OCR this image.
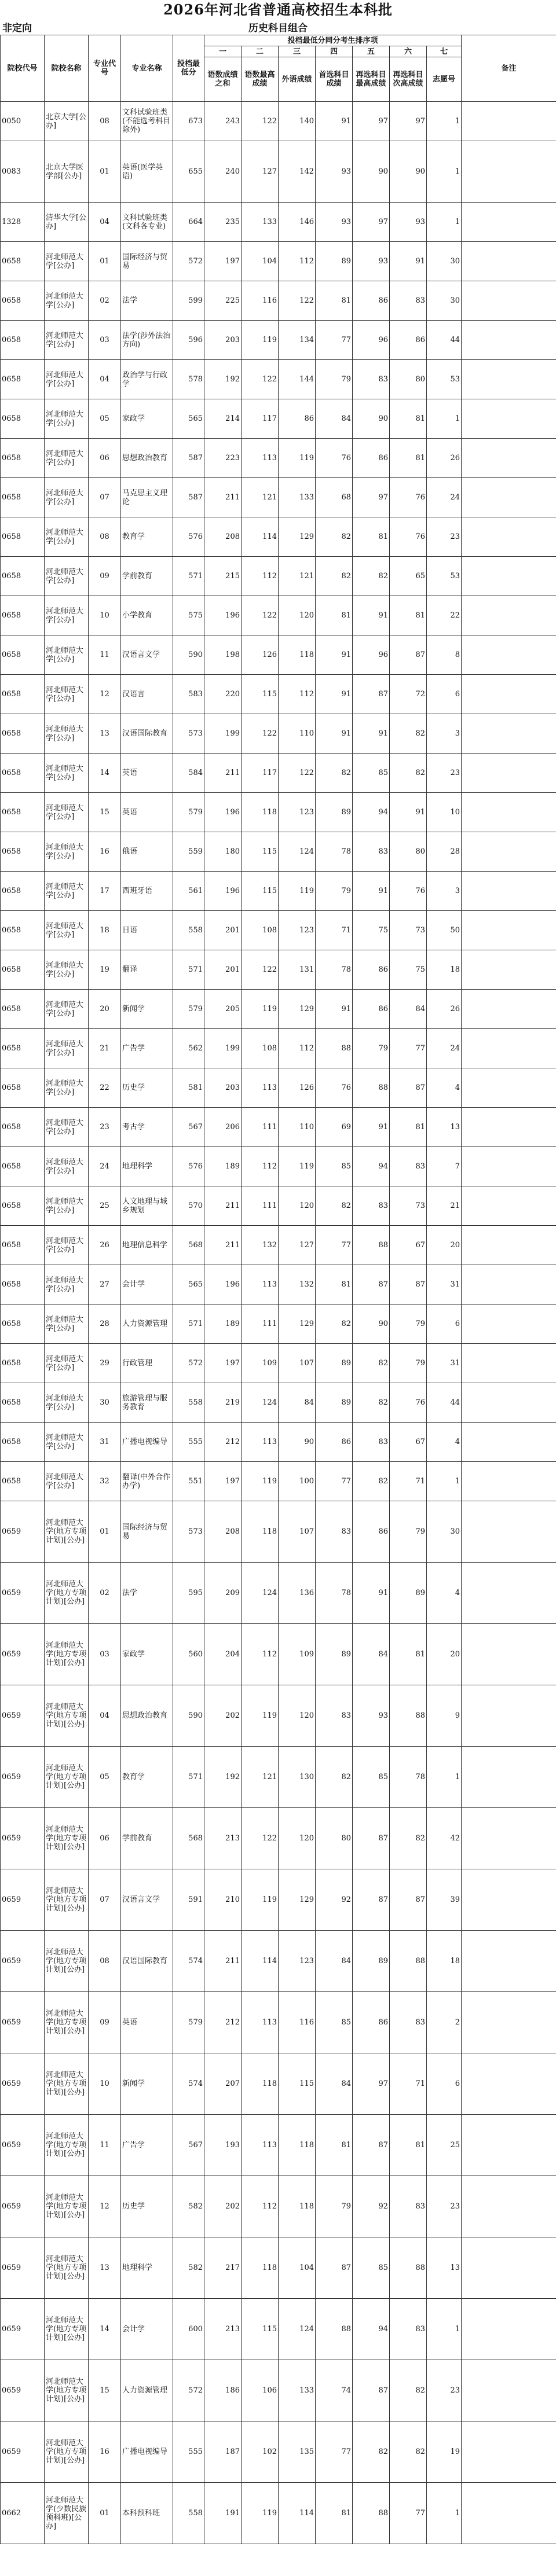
2026年河北省普通高校招生本科批
非定向	历史科目组合
院校代号	院校名称	专业代号	专业名称	投档最低分	投档最低分同分考生排序项							备注
					一	二	三	四	五	六	七	
					语数成绩之和	语数最高成绩	外语成绩	首选科目成绩	再选科目最高成绩	再选科目次高成绩	志愿号	
0050	北京大学[公办]	08	文科试验班类(不能选考科目除外)	673	243	122	140	91	97	97	1	
0083	北京大学医学部[公办]	01	英语(医学英语)	655	240	127	142	93	90	90	1	
1328	清华大学[公办]	04	文科试验班类(文科各专业)	664	235	133	146	93	97	93	1	
0658	河北师范大学[公办]	01	国际经济与贸易	572	197	104	112	89	93	91	30	
0658	河北师范大学[公办]	02	法学	599	225	116	122	81	86	83	30	
0658	河北师范大学[公办]	03	法学(涉外法治方向)	596	203	119	134	77	96	86	44	
0658	河北师范大学[公办]	04	政治学与行政学	578	192	122	144	79	83	80	53	
0658	河北师范大学[公办]	05	家政学	565	214	117	86	84	90	81	1	
0658	河北师范大学[公办]	06	思想政治教育	587	223	113	119	76	86	81	26	
0658	河北师范大学[公办]	07	马克思主义理论	587	211	121	133	68	97	76	24	
0658	河北师范大学[公办]	08	教育学	576	208	114	129	82	81	76	23	
0658	河北师范大学[公办]	09	学前教育	571	215	112	121	82	82	65	53	
0658	河北师范大学[公办]	10	小学教育	575	196	122	120	81	91	81	22	
0658	河北师范大学[公办]	11	汉语言文学	590	198	126	118	91	96	87	8	
0658	河北师范大学[公办]	12	汉语言	583	220	115	112	91	87	72	6	
0658	河北师范大学[公办]	13	汉语国际教育	573	199	122	110	91	91	82	3	
0658	河北师范大学[公办]	14	英语	584	211	117	122	82	85	82	23	
0658	河北师范大学[公办]	15	英语	579	196	118	123	89	94	91	10	
0658	河北师范大学[公办]	16	俄语	559	180	115	124	78	83	80	28	
0658	河北师范大学[公办]	17	西班牙语	561	196	115	119	79	91	76	3	
0658	河北师范大学[公办]	18	日语	558	201	108	123	71	75	73	50	
0658	河北师范大学[公办]	19	翻译	571	201	122	131	78	86	75	18	
0658	河北师范大学[公办]	20	新闻学	579	205	119	129	91	86	84	26	
0658	河北师范大学[公办]	21	广告学	562	199	108	112	88	79	77	24	
0658	河北师范大学[公办]	22	历史学	581	203	113	126	76	88	87	4	
0658	河北师范大学[公办]	23	考古学	567	206	111	110	69	91	81	13	
0658	河北师范大学[公办]	24	地理科学	576	189	112	119	85	94	83	7	
0658	河北师范大学[公办]	25	人文地理与城乡规划	570	211	111	120	82	83	73	21	
0658	河北师范大学[公办]	26	地理信息科学	568	211	132	127	77	88	67	20	
0658	河北师范大学[公办]	27	会计学	565	196	113	132	81	87	87	31	
0658	河北师范大学[公办]	28	人力资源管理	571	189	111	129	82	90	79	6	
0658	河北师范大学[公办]	29	行政管理	572	197	109	107	89	82	79	31	
0658	河北师范大学[公办]	30	旅游管理与服务教育	558	219	124	84	89	82	76	44	
0658	河北师范大学[公办]	31	广播电视编导	555	212	113	90	86	83	67	4	
0658	河北师范大学[公办]	32	翻译(中外合作办学)	551	197	119	100	77	82	71	1	
0659	河北师范大学(地方专项计划)[公办]	01	国际经济与贸易	573	208	118	107	83	86	79	30	
0659	河北师范大学(地方专项计划)[公办]	02	法学	595	209	124	136	78	91	89	4	
0659	河北师范大学(地方专项计划)[公办]	03	家政学	560	204	112	109	89	84	81	20	
0659	河北师范大学(地方专项计划)[公办]	04	思想政治教育	590	202	119	120	83	93	88	9	
0659	河北师范大学(地方专项计划)[公办]	05	教育学	571	192	121	130	82	85	78	1	
0659	河北师范大学(地方专项计划)[公办]	06	学前教育	568	213	122	120	80	87	82	42	
0659	河北师范大学(地方专项计划)[公办]	07	汉语言文学	591	210	119	129	92	87	87	39	
0659	河北师范大学(地方专项计划)[公办]	08	汉语国际教育	574	211	114	123	84	89	88	18	
0659	河北师范大学(地方专项计划)[公办]	09	英语	579	212	113	116	85	86	83	2	
0659	河北师范大学(地方专项计划)[公办]	10	新闻学	574	207	118	115	84	97	71	6	
0659	河北师范大学(地方专项计划)[公办]	11	广告学	567	193	113	118	81	87	81	25	
0659	河北师范大学(地方专项计划)[公办]	12	历史学	582	202	112	118	79	92	83	23	
0659	河北师范大学(地方专项计划)[公办]	13	地理科学	582	217	118	104	87	85	88	13	
0659	河北师范大学(地方专项计划)[公办]	14	会计学	600	213	115	124	88	94	83	1	
0659	河北师范大学(地方专项计划)[公办]	15	人力资源管理	572	186	106	133	74	87	82	23	
0659	河北师范大学(地方专项计划)[公办]	16	广播电视编导	555	187	102	135	77	82	82	19	
0662	河北师范大学(少数民族预科班)[公办]	01	本科预科班	558	191	119	114	81	88	77	1	
